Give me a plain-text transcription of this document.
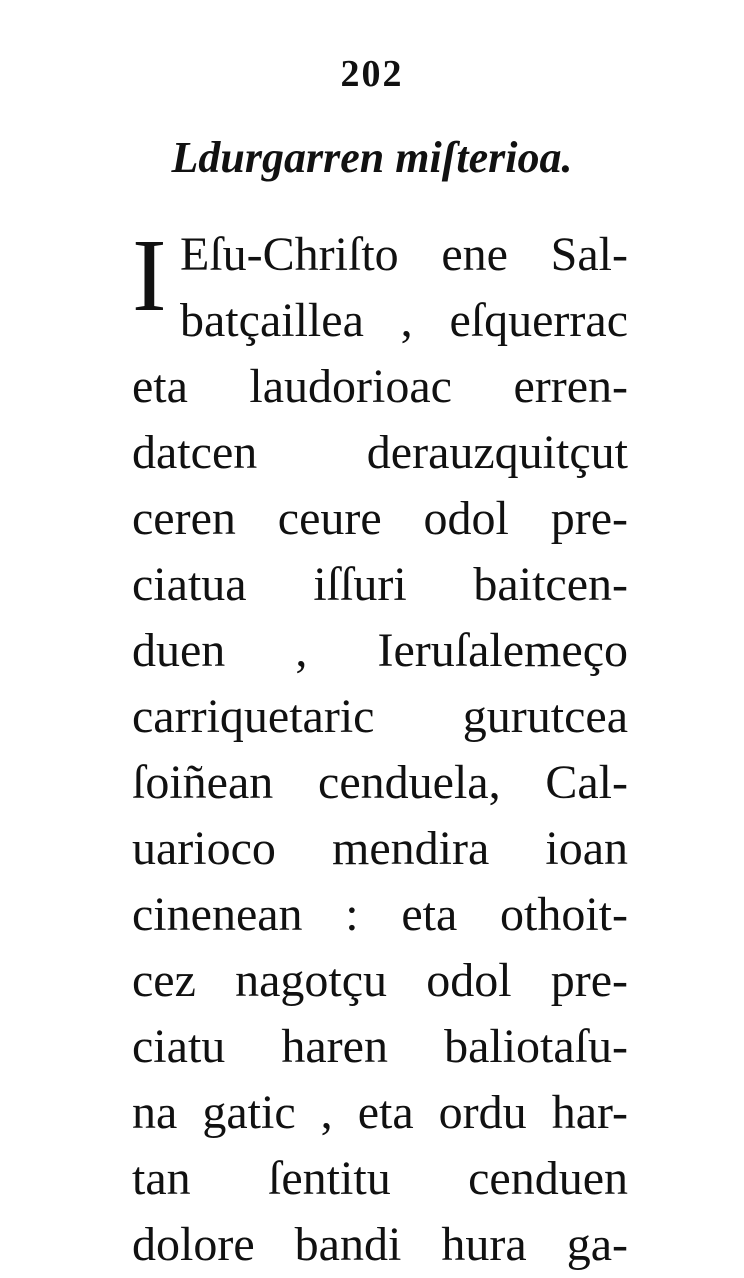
202
Ldurgarren miſterioa.
I Eſu-Chriſto ene Sal-
batçaillea , eſquerrac
eta laudorioac erren-
datcen derauzquitçut
ceren ceure odol pre-
ciatua iſſuri baitcen-
duen , Ieruſalemeço
carriquetaric gurutcea
ſoiñean cenduela, Cal-
uarioco mendira ioan
cinenean : eta othoit-
cez nagotçu odol pre-
ciatu haren baliotaſu-
na gatic , eta ordu har-
tan ſentitu cenduen
dolore bandi hura ga-
